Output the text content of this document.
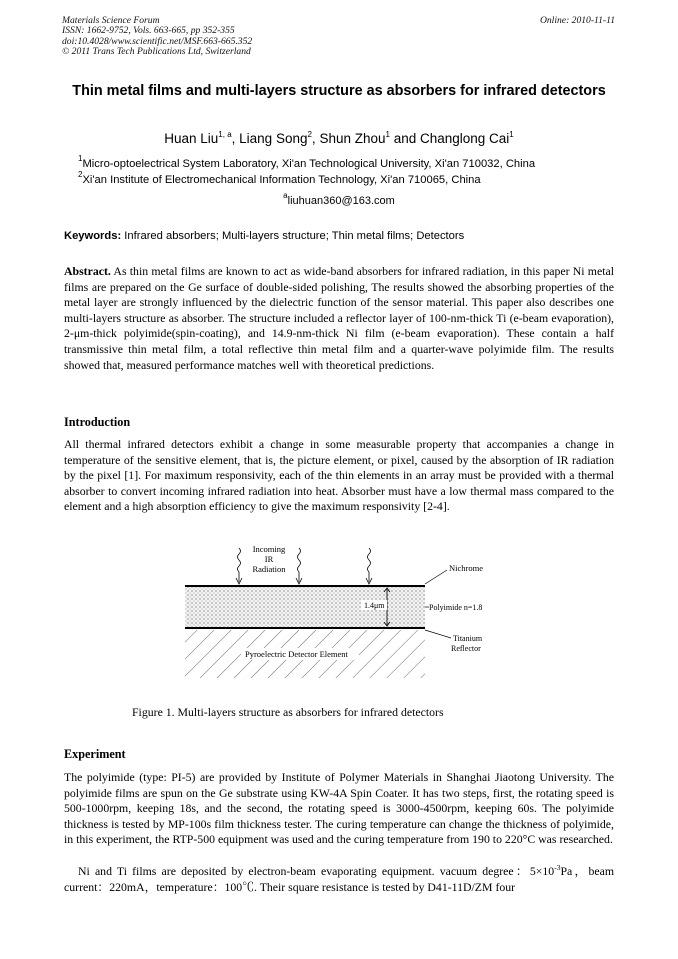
Materials Science Forum
ISSN: 1662-9752, Vols. 663-665, pp 352-355
doi:10.4028/www.scientific.net/MSF.663-665.352
© 2011 Trans Tech Publications Ltd, Switzerland
Online: 2010-11-11
Thin metal films and multi-layers structure as absorbers for infrared detectors
Huan Liu$^{1, a}$, Liang Song$^2$, Shun Zhou$^1$ and Changlong Cai$^1$
$^1$Micro-optoelectrical System Laboratory, Xi'an Technological University, Xi'an 710032, China
$^2$Xi'an Institute of Electromechanical Information Technology, Xi'an 710065, China
$^a$liuhuan360@163.com
Keywords: Infrared absorbers; Multi-layers structure; Thin metal films; Detectors
Abstract. As thin metal films are known to act as wide-band absorbers for infrared radiation, in this paper Ni metal films are prepared on the Ge surface of double-sided polishing, The results showed the absorbing properties of the metal layer are strongly influenced by the dielectric function of the sensor material. This paper also describes one multi-layers structure as absorber. The structure included a reflector layer of 100-nm-thick Ti (e-beam evaporation), 2-μm-thick polyimide(spin-coating), and 14.9-nm-thick Ni film (e-beam evaporation). These contain a half transmissive thin metal film, a total reflective thin metal film and a quarter-wave polyimide film. The results showed that, measured performance matches well with theoretical predictions.
Introduction
All thermal infrared detectors exhibit a change in some measurable property that accompanies a change in temperature of the sensitive element, that is, the picture element, or pixel, caused by the absorption of IR radiation by the pixel [1]. For maximum responsivity, each of the thin elements in an array must be provided with a thermal absorber to convert incoming infrared radiation into heat. Absorber must have a low thermal mass compared to the element and a high absorption efficiency to give the maximum responsivity [2-4].
Incoming
IR
Radiation
1.4μm
Nichrome
Polyimide n=1.8
Titanium
Reflector
Pyroelectric Detector Element
Figure 1. Multi-layers structure as absorbers for infrared detectors
Experiment
The polyimide (type: PI-5) are provided by Institute of Polymer Materials in Shanghai Jiaotong University. The polyimide films are spun on the Ge substrate using KW-4A Spin Coater. It has two steps, first, the rotating speed is 500-1000rpm, keeping 18s, and the second, the rotating speed is 3000-4500rpm, keeping 60s. The polyimide thickness is tested by MP-100s film thickness tester. The curing temperature can change the thickness of polyimide, in this experiment, the RTP-500 equipment was used and the curing temperature from 190 to 220°C was researched.
Ni and Ti films are deposited by electron-beam evaporating equipment. vacuum degree：$5\times 10^{-3}Pa$，beam current：220mA，temperature：100℃. Their square resistance is tested by D41-11D/ZM four
